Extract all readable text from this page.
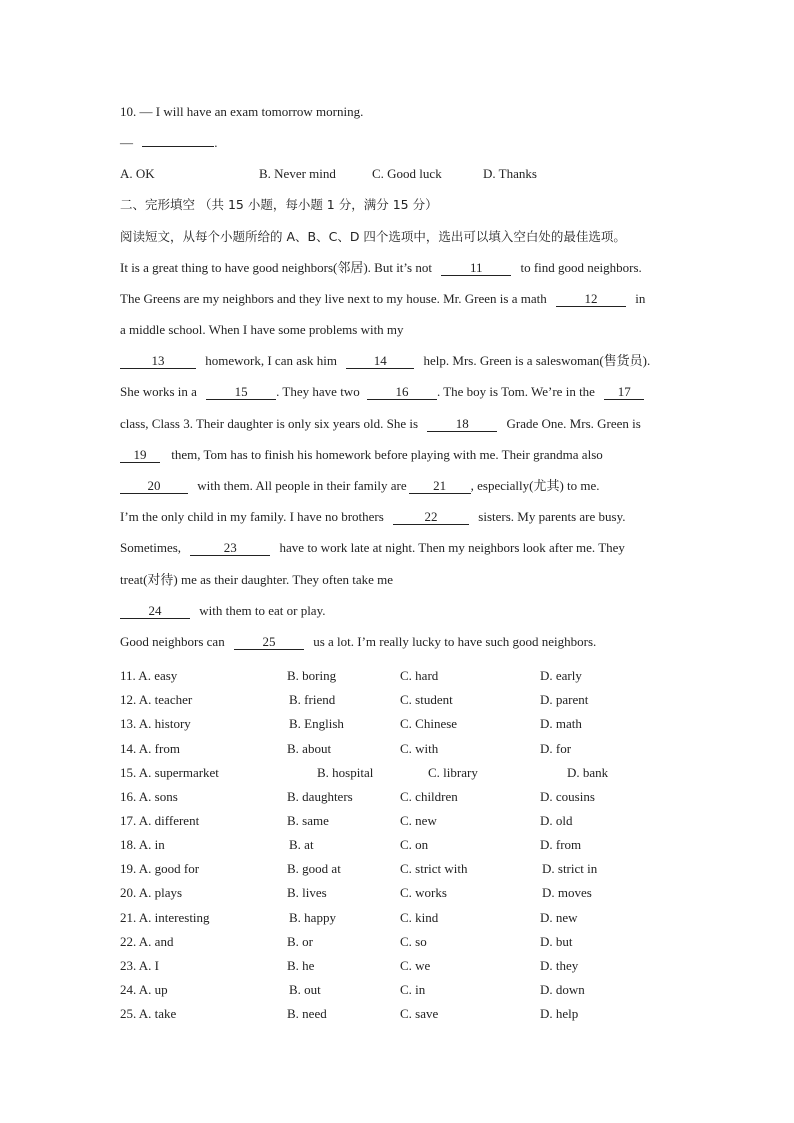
10. — I will have an exam tomorrow morning.
—	.
A. OK	B. Never mind	C. Good luck	D. Thanks
二、完形填空 （共 15 小题，每小题 1 分，满分 15 分）
阅读短文，从每个小题所给的 A、B、C、D 四个选项中，选出可以填入空白处的最佳选项。
It is a great thing to have good neighbors(邻居). But it’s not	11	to find good neighbors.
The Greens are my neighbors and they live next to my house. Mr. Green is a math	12	in
a middle school. When I have some problems with my
13	homework, I can ask him	14	help. Mrs. Green is a saleswoman(售货员).
She works in a	15 . They have two	16 . The boy is Tom. We’re in the 17
class, Class 3. Their daughter is only six years old. She is	18	Grade One. Mrs. Green is
19 them, Tom has to finish his homework before playing with me. Their grandma also
20	with them. All people in their family are 21 , especially(尤其) to me.
I’m the only child in my family. I have no brothers	22	sisters. My parents are busy.
Sometimes,	23	have to work late at night. Then my neighbors look after me. They
treat(对待) me as their daughter. They often take me
24	with them to eat or play.
Good neighbors can	25	us a lot. I’m really lucky to have such good neighbors.
11. A. easy	B. boring	C. hard	D. early
12. A. teacher	B. friend	C. student	D. parent
13. A. history	B. English	C. Chinese	D. math
14. A. from	B. about	C. with	D. for
15. A. supermarket	B. hospital	C. library	D. bank
16. A. sons	B. daughters	C. children	D. cousins
17. A. different	B. same	C. new	D. old
18. A. in	B. at	C. on	D. from
19. A. good for	B. good at	C. strict with	D. strict in
20. A. plays	B. lives	C. works	D. moves
21. A. interesting	B. happy	C. kind	D. new
22. A. and	B. or	C. so	D. but
23. A. I	B. he	C. we	D. they
24. A. up	B. out	C. in	D. down
25. A. take	B. need	C. save	D. help
